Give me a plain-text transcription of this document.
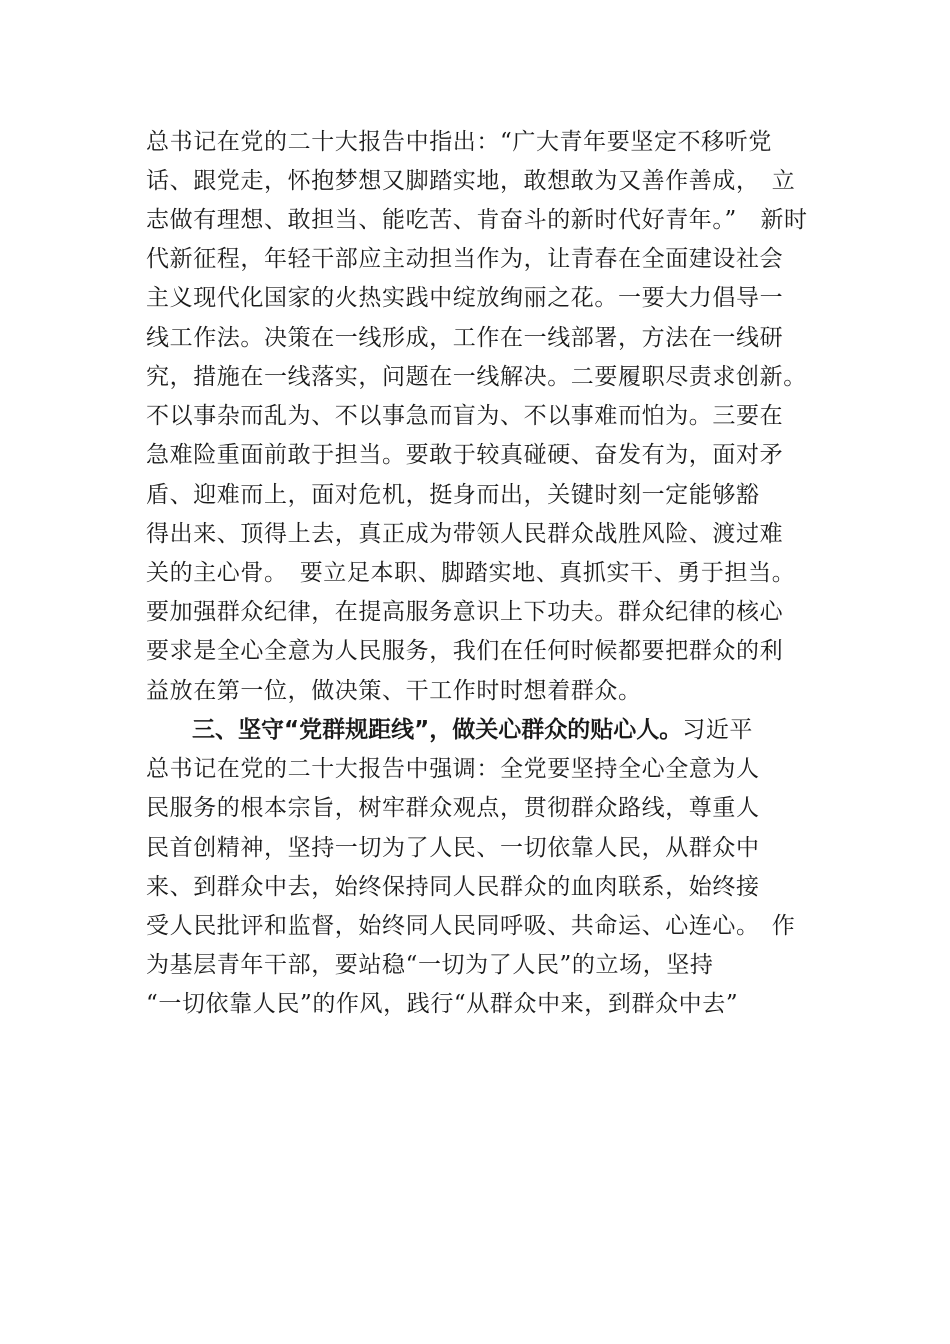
总书记在党的二十大报告中指出：“广大青年要坚定不移听党
话、跟党走，怀抱梦想又脚踏实地，敢想敢为又善作善成，　立
志做有理想、敢担当、能吃苦、肯奋斗的新时代好青年。”　新时
代新征程，年轻干部应主动担当作为，让青春在全面建设社会
主义现代化国家的火热实践中绽放绚丽之花。一要大力倡导一
线工作法。决策在一线形成，工作在一线部署，方法在一线研
究，措施在一线落实，问题在一线解决。二要履职尽责求创新。
不以事杂而乱为、不以事急而盲为、不以事难而怕为。三要在
急难险重面前敢于担当。要敢于较真碰硬、奋发有为，面对矛
盾、迎难而上，面对危机，挺身而出，关键时刻一定能够豁
得出来、顶得上去，真正成为带领人民群众战胜风险、渡过难
关的主心骨。　要立足本职、脚踏实地、真抓实干、勇于担当。
要加强群众纪律，在提高服务意识上下功夫。群众纪律的核心
要求是全心全意为人民服务，我们在任何时候都要把群众的利
益放在第一位，做决策、干工作时时想着群众。
三、坚守“党群规距线”，做关心群众的贴心人。习近平
总书记在党的二十大报告中强调：全党要坚持全心全意为人
民服务的根本宗旨，树牢群众观点，贯彻群众路线，尊重人
民首创精神，坚持一切为了人民、一切依靠人民，从群众中
来、到群众中去，始终保持同人民群众的血肉联系，始终接
受人民批评和监督，始终同人民同呼吸、共命运、心连心。　作
为基层青年干部，要站稳“一切为了人民”的立场，坚持
“一切依靠人民”的作风，践行“从群众中来，到群众中去”
